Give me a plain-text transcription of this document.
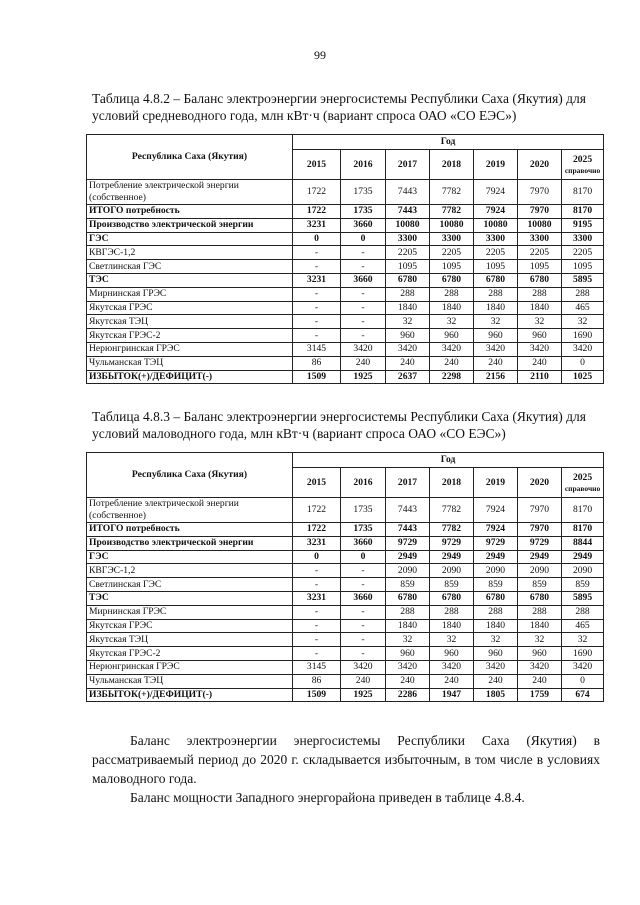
99
Таблица 4.8.2 – Баланс электроэнергии энергосистемы Республики Саха (Якутия) для условий средневодного года, млн кВт·ч (вариант спроса ОАО «СО ЕЭС»)
Республика Саха (Якутия)	Год						
	2015	2016	2017	2018	2019	2020	2025
справочно

Потребление электрической энергии (собственное)	1722	1735	7443	7782	7924	7970	8170
ИТОГО потребность	1722	1735	7443	7782	7924	7970	8170
Производство электрической энергии	3231	3660	10080	10080	10080	10080	9195
ГЭС	0	0	3300	3300	3300	3300	3300
КВГЭС-1,2	-	-	2205	2205	2205	2205	2205
Светлинская ГЭС	-	-	1095	1095	1095	1095	1095
ТЭС	3231	3660	6780	6780	6780	6780	5895
Мирнинская ГРЭС	-	-	288	288	288	288	288
Якутская ГРЭС	-	-	1840	1840	1840	1840	465
Якутская ТЭЦ	-	-	32	32	32	32	32
Якутская ГРЭС-2	-	-	960	960	960	960	1690
Нерюнгринская ГРЭС	3145	3420	3420	3420	3420	3420	3420
Чульманская ТЭЦ	86	240	240	240	240	240	0
ИЗБЫТОК(+)/ДЕФИЦИТ(-)	1509	1925	2637	2298	2156	2110	1025
Таблица 4.8.3 – Баланс электроэнергии энергосистемы Республики Саха (Якутия) для условий маловодного года, млн кВт·ч (вариант спроса ОАО «СО ЕЭС»)
Республика Саха (Якутия)	Год						
	2015	2016	2017	2018	2019	2020	2025
справочно

Потребление электрической энергии (собственное)	1722	1735	7443	7782	7924	7970	8170
ИТОГО потребность	1722	1735	7443	7782	7924	7970	8170
Производство электрической энергии	3231	3660	9729	9729	9729	9729	8844
ГЭС	0	0	2949	2949	2949	2949	2949
КВГЭС-1,2	-	-	2090	2090	2090	2090	2090
Светлинская ГЭС	-	-	859	859	859	859	859
ТЭС	3231	3660	6780	6780	6780	6780	5895
Мирнинская ГРЭС	-	-	288	288	288	288	288
Якутская ГРЭС	-	-	1840	1840	1840	1840	465
Якутская ТЭЦ	-	-	32	32	32	32	32
Якутская ГРЭС-2	-	-	960	960	960	960	1690
Нерюнгринская ГРЭС	3145	3420	3420	3420	3420	3420	3420
Чульманская ТЭЦ	86	240	240	240	240	240	0
ИЗБЫТОК(+)/ДЕФИЦИТ(-)	1509	1925	2286	1947	1805	1759	674
Баланс электроэнергии энергосистемы Республики Саха (Якутия) в рассматриваемый период до 2020 г. складывается избыточным, в том числе в условиях маловодного года.
Баланс мощности Западного энергорайона приведен в таблице 4.8.4.
